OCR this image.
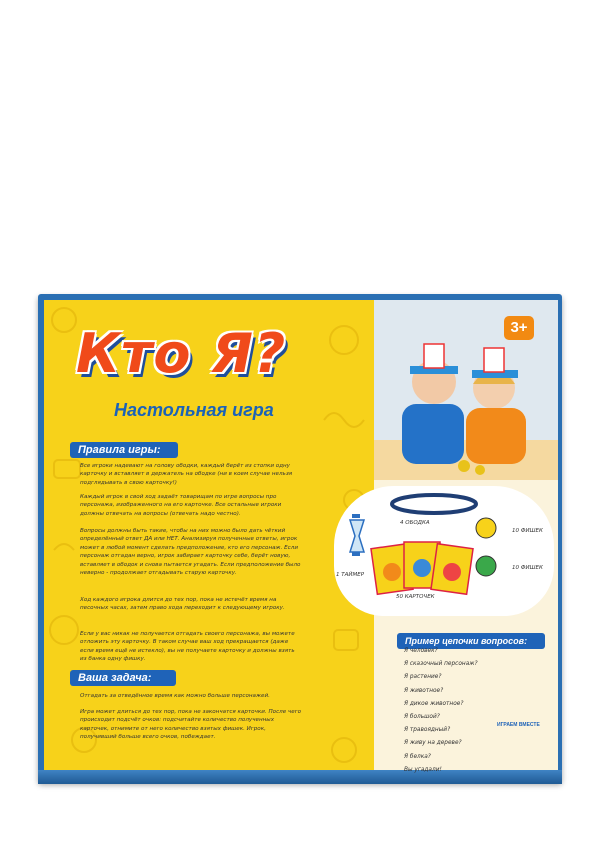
Кто Я?
Настольная игра
3+
Правила игры:
Все игроки надевают на голову ободки, каждый берёт из стопки одну карточку и вставляет в держатель на ободке (ни в коем случае нельзя подглядывать в свою карточку!)
Каждый игрок в свой ход задаёт товарищам по игре вопросы про персонажа, изображенного на его карточке. Все остальные игроки должны отвечать на вопросы (отвечать надо честно).
Вопросы должны быть такие, чтобы на них можно было дать чёткий определённый ответ ДА или НЕТ. Анализируя полученные ответы, игрок может в любой момент сделать предположение, кто его персонаж. Если персонаж отгадан верно, игрок забирает карточку себе, берёт новую, вставляет в ободок и снова пытается угадать. Если предположение было неверно - продолжает отгадывать старую карточку.
Ход каждого игрока длится до тех пор, пока не истечёт время на песочных часах, затем право хода переходит к следующему игроку.
Если у вас никак не получается отгадать своего персонажа, вы можете отложить эту карточку. В таком случае ваш ход прекращается (даже если время ещё не истекло), вы не получаете карточку и должны взять из банка одну фишку.
Ваша задача:
Отгадать за отведённое время как можно больше персонажей.
Игра может длиться до тех пор, пока не закончатся карточки. После чего происходит подсчёт очков: подсчитайте количество полученных карточек, отнимите от него количество взятых фишек. Игрок, получивший больше всего очков, побеждает.
4 ОБОДКА
1 ТАЙМЕР
50 КАРТОЧЕК
10 ФИШЕК
10 ФИШЕК
Пример цепочки вопросов:
Я человек?
Я сказочный персонаж?
Я растение?
Я животное?
Я дикое животное?
Я большой?
Я травоядный?
Я живу на дереве?
Я белка?
Вы угадали!
ИГРАЕМ ВМЕСТЕ
